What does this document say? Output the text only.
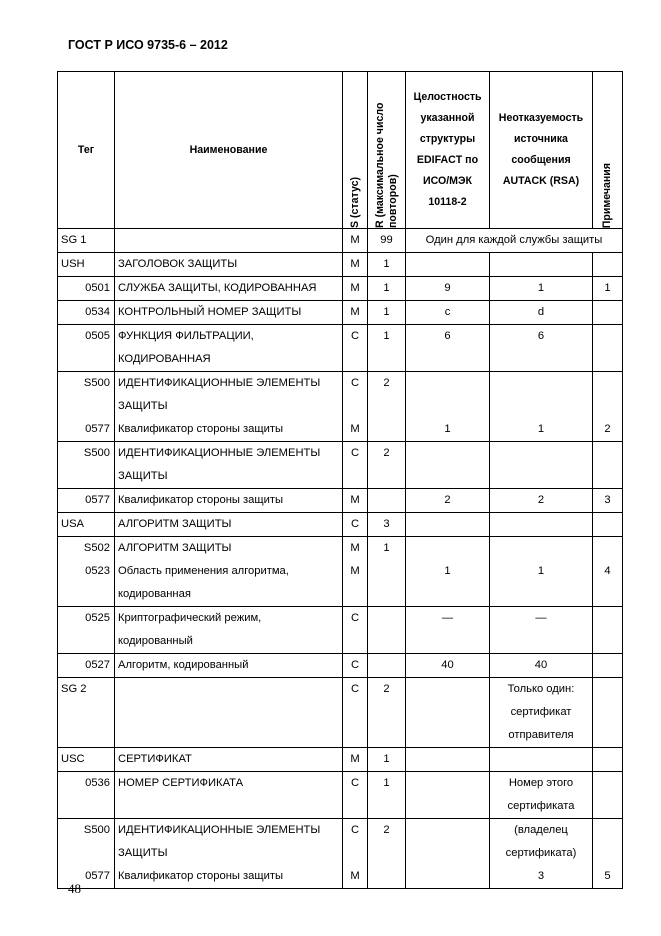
ГОСТ Р ИСО 9735-6 – 2012
Тег	Наименование	S (статус)	R (максимальное число повторов)	Целостность указанной структуры EDIFACT по ИСО/МЭК 10118-2	Неотказуемость источника сообщения AUTACK (RSA)	Примечания

SG 1		M	99	Один для каждой службы защиты		
USH	ЗАГОЛОВОК ЗАЩИТЫ	M	1			
0501	СЛУЖБА ЗАЩИТЫ, КОДИРОВАННАЯ	M	1	9	1	1
0534	КОНТРОЛЬНЫЙ НОМЕР ЗАЩИТЫ	M	1	c	d	
0505	ФУНКЦИЯ ФИЛЬТРАЦИИ, КОДИРОВАННАЯ	C	1	6	6	
S500	ИДЕНТИФИКАЦИОННЫЕ ЭЛЕМЕНТЫ ЗАЩИТЫ	C	2			
0577	Квалификатор стороны защиты	M		1	1	2
S500	ИДЕНТИФИКАЦИОННЫЕ ЭЛЕМЕНТЫ ЗАЩИТЫ	C	2			
0577	Квалификатор стороны защиты	M		2	2	3
USA	АЛГОРИТМ ЗАЩИТЫ	C	3			
S502	АЛГОРИТМ ЗАЩИТЫ	M	1			
0523	Область применения алгоритма, кодированная	M		1	1	4
0525	Криптографический режим, кодированный	C		—	—	
0527	Алгоритм, кодированный	C		40	40	
SG 2		C	2		Только один: сертификат отправителя	
USC	СЕРТИФИКАТ	M	1			
0536	НОМЕР СЕРТИФИКАТА	C	1		Номер этого сертификата	
S500	ИДЕНТИФИКАЦИОННЫЕ ЭЛЕМЕНТЫ ЗАЩИТЫ	C	2		(владелец сертификата)	
0577	Квалификатор стороны защиты	M			3	5
48
